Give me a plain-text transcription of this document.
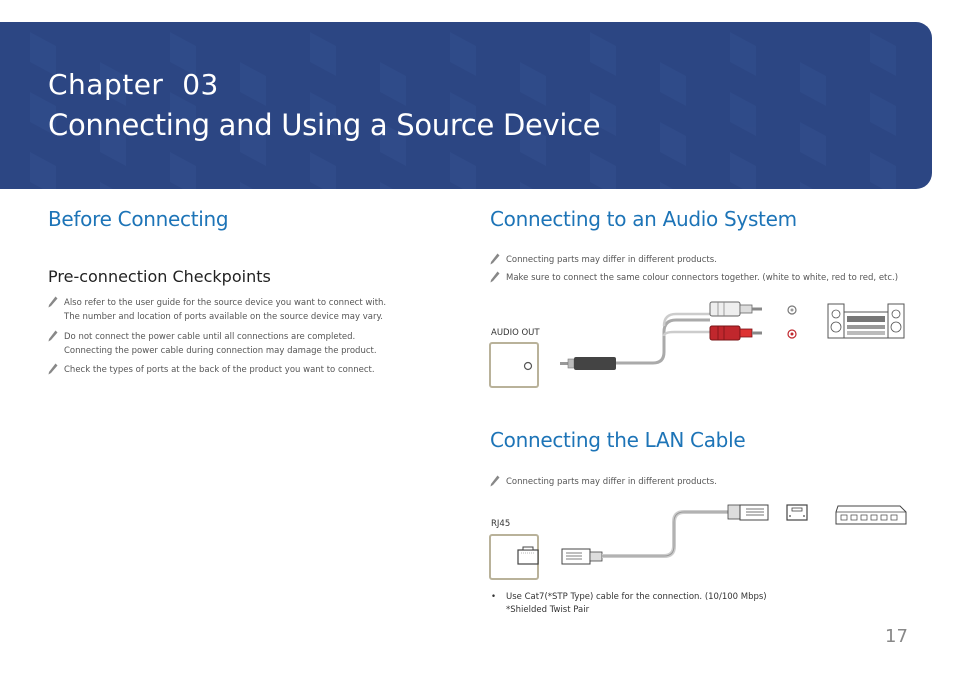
Chapter  03
Connecting and Using a Source Device
Before Connecting
Pre-connection Checkpoints

Also refer to the user guide for the source device you want to connect with.

The number and location of ports available on the source device may vary.

Do not connect the power cable until all connections are completed.

Connecting the power cable during connection may damage the product.

Check the types of ports at the back of the product you want to connect.

Connecting to an Audio System

Connecting parts may differ in different products.

Make sure to connect the same colour connectors together. (white to white, red to red, etc.)

AUDIO OUT
Connecting the LAN Cable

Connecting parts may differ in different products.

RJ45
• Use Cat7(*STP Type) cable for the connection. (10/100 Mbps)
*Shielded Twist Pair
17
